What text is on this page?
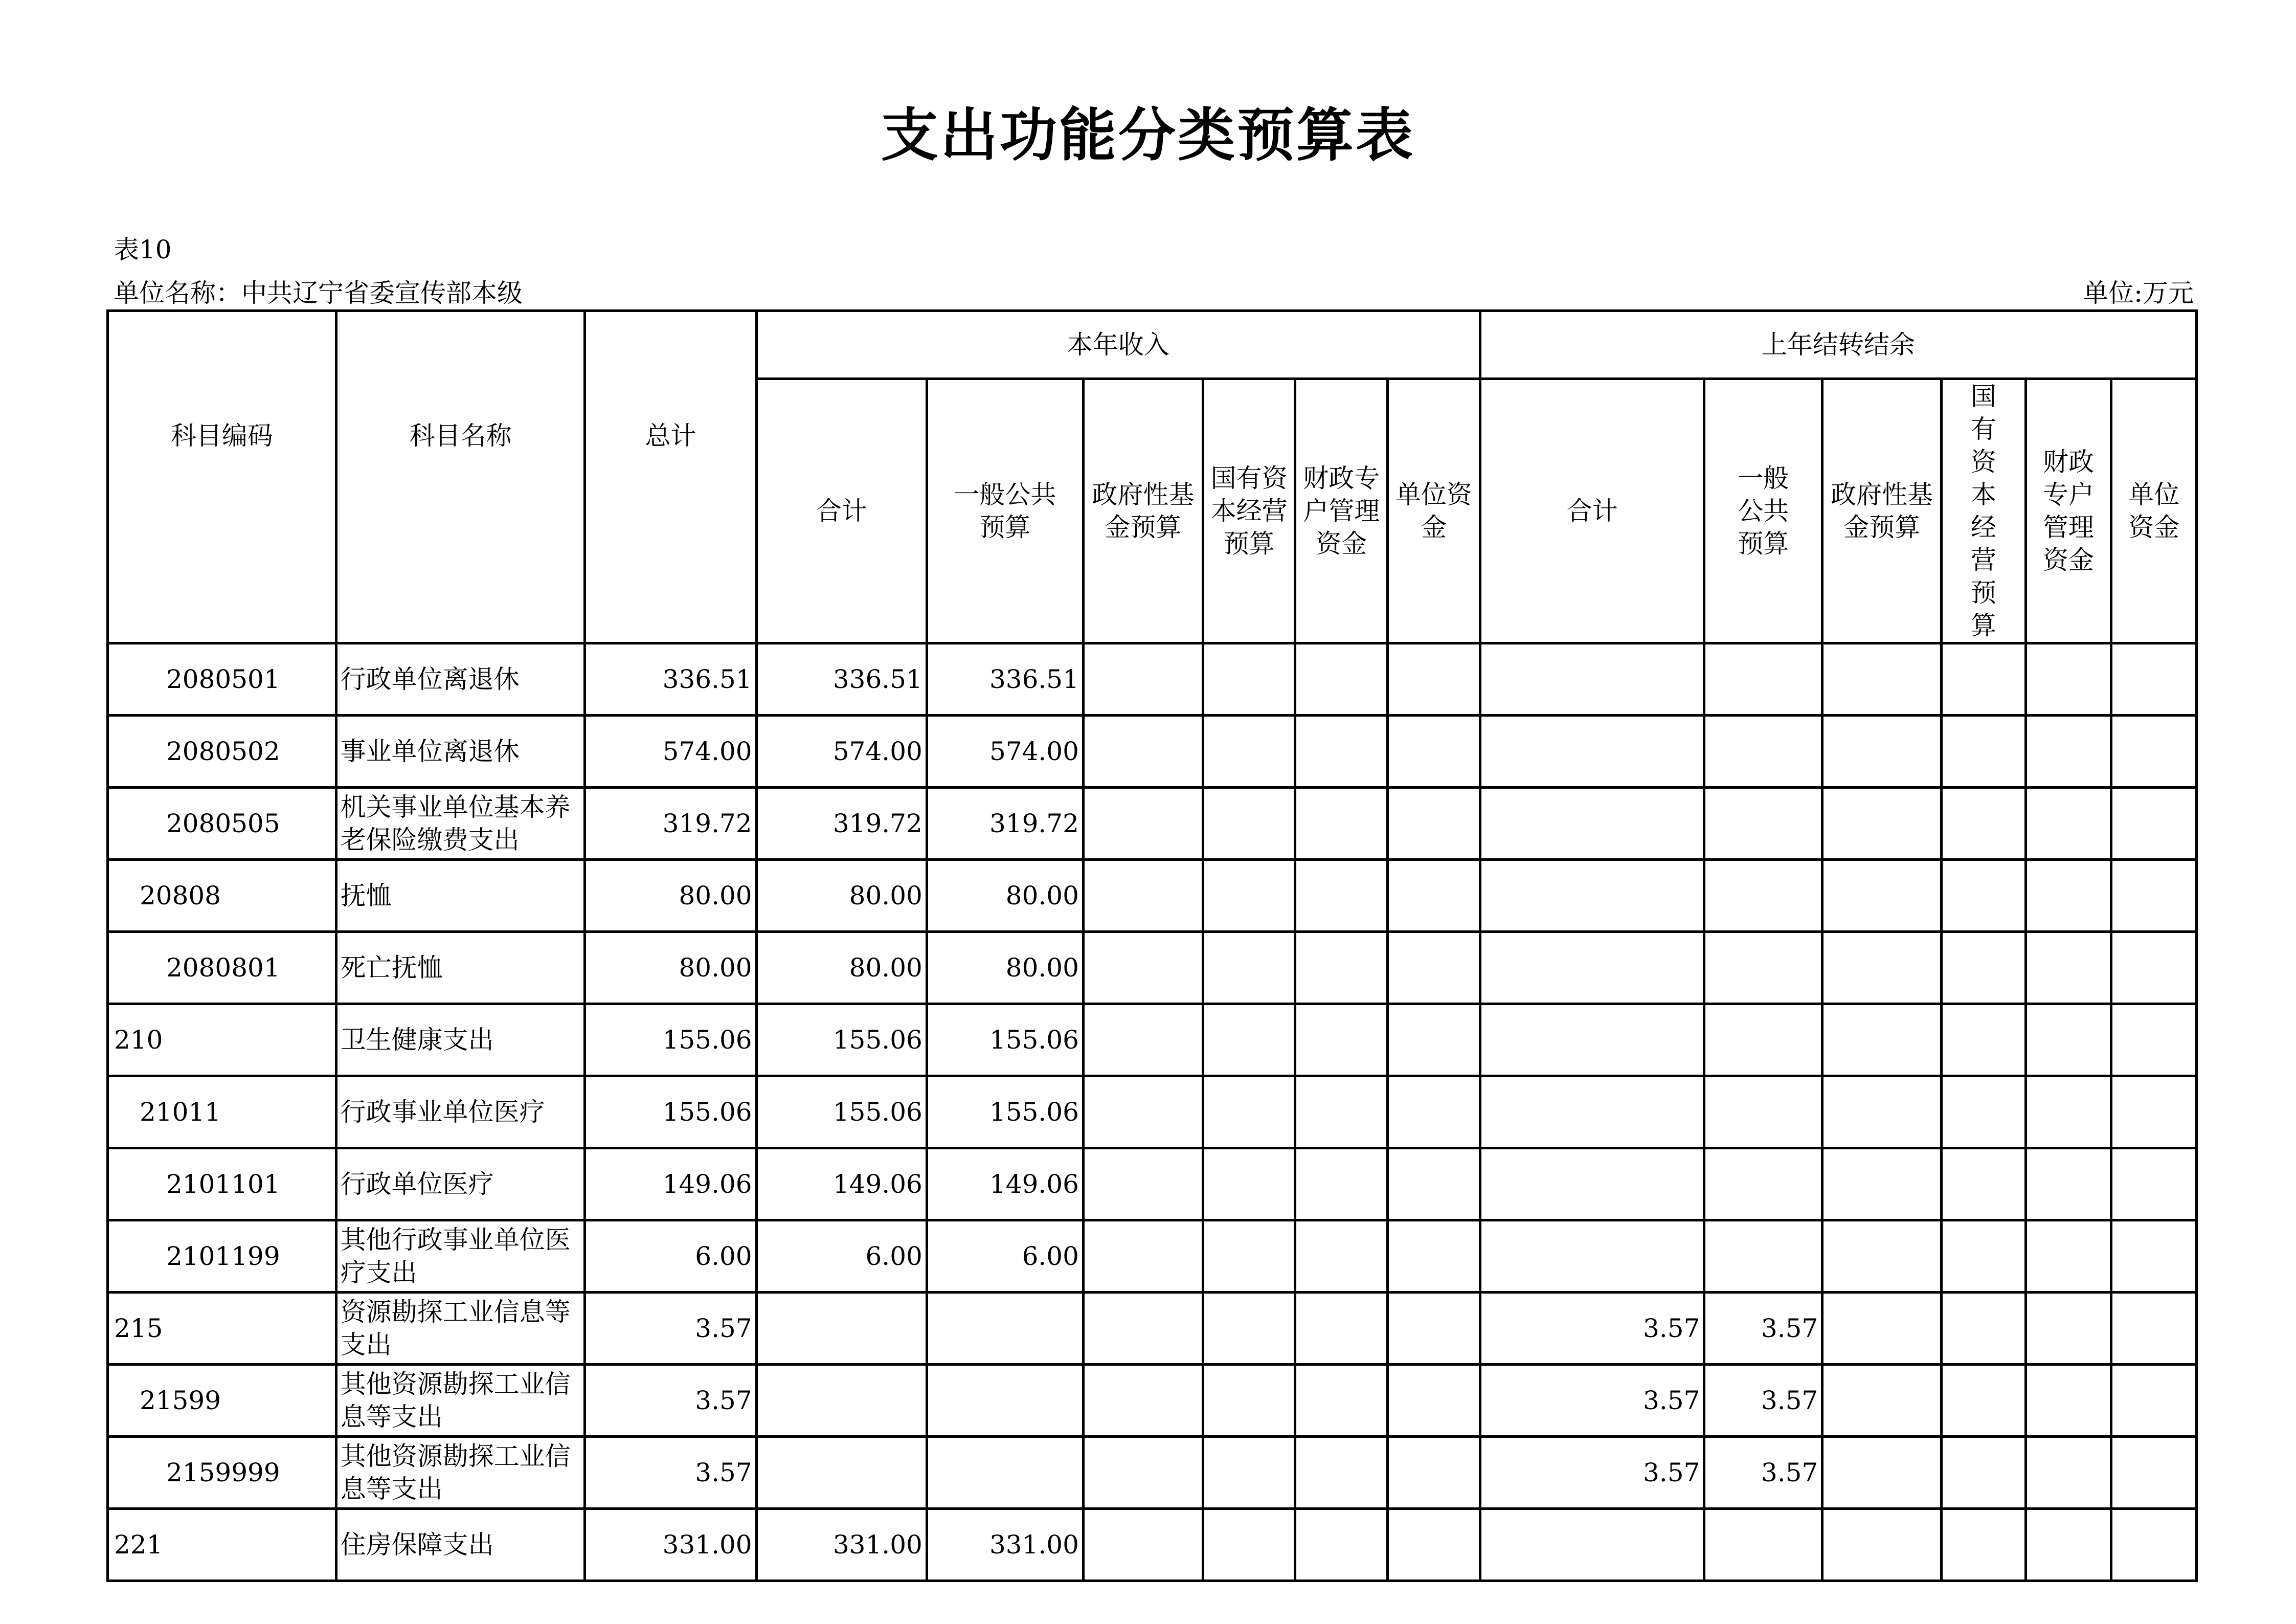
支出功能分类预算表
表10
单位名称：中共辽宁省委宣传部本级	单位:万元
科目编码	科目名称	总计	本年收入						上年结转结余					
			合计	一般公共预算	政府性基金预算	国有资本经营预算	财政专户管理资金	单位资金	合计	一般公共预算	政府性基金预算	国有资本经营预算	财政专户管理资金	单位资金
2080501	行政单位离退休	336.51	336.51	336.51										
2080502	事业单位离退休	574.00	574.00	574.00										
2080505	机关事业单位基本养老保险缴费支出	319.72	319.72	319.72										
20808	抚恤	80.00	80.00	80.00										
2080801	死亡抚恤	80.00	80.00	80.00										
210	卫生健康支出	155.06	155.06	155.06										
21011	行政事业单位医疗	155.06	155.06	155.06										
2101101	行政单位医疗	149.06	149.06	149.06										
2101199	其他行政事业单位医疗支出	6.00	6.00	6.00										
215	资源勘探工业信息等支出	3.57							3.57	3.57				
21599	其他资源勘探工业信息等支出	3.57							3.57	3.57				
2159999	其他资源勘探工业信息等支出	3.57							3.57	3.57				
221	住房保障支出	331.00	331.00	331.00										
